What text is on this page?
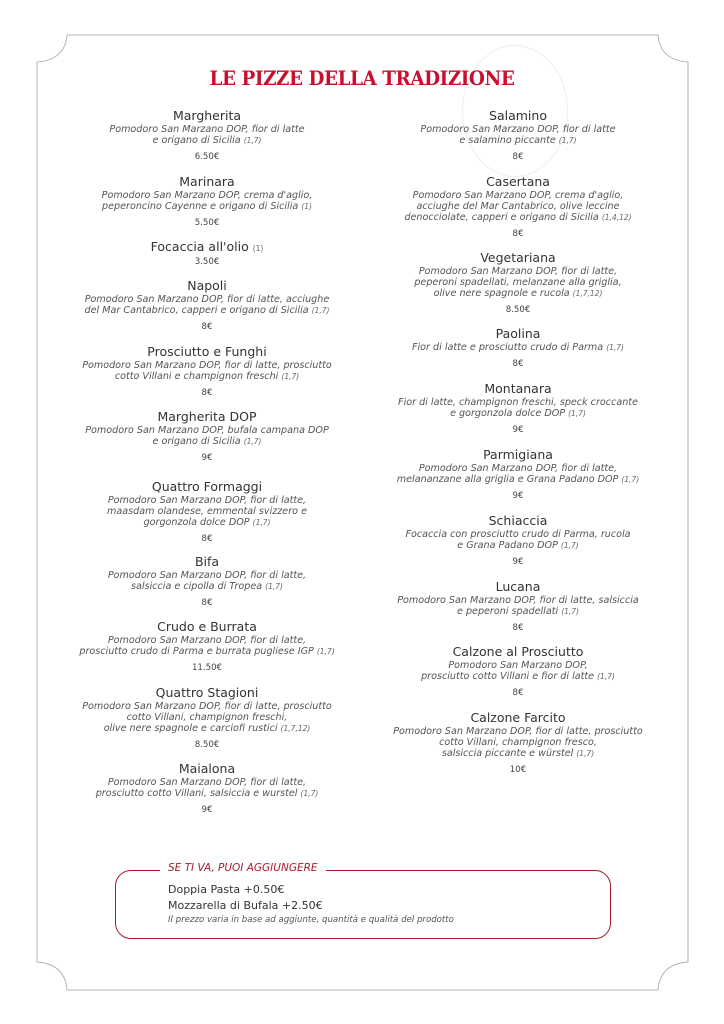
LE PIZZE DELLA TRADIZIONE
Margherita
Pomodoro San Marzano DOP, fior di latte
e origano di Sicilia (1,7)
6.50€
Marinara
Pomodoro San Marzano DOP, crema d'aglio,
peperoncino Cayenne e origano di Sicilia (1)
5.50€
Focaccia all'olio (1)
3.50€
Napoli
Pomodoro San Marzano DOP, fior di latte, acciughe
del Mar Cantabrico, capperi e origano di Sicilia (1,7)
8€
Prosciutto e Funghi
Pomodoro San Marzano DOP, fior di latte, prosciutto
cotto Villani e champignon freschi (1,7)
8€
Margherita DOP
Pomodoro San Marzano DOP, bufala campana DOP
e origano di Sicilia (1,7)
9€
Quattro Formaggi
Pomodoro San Marzano DOP, fior di latte,
maasdam olandese, emmental svizzero e
gorgonzola dolce DOP (1,7)
8€
Bifa
Pomodoro San Marzano DOP, fior di latte,
salsiccia e cipolla di Tropea (1,7)
8€
Crudo e Burrata
Pomodoro San Marzano DOP, fior di latte,
prosciutto crudo di Parma e burrata pugliese IGP (1,7)
11.50€
Quattro Stagioni
Pomodoro San Marzano DOP, fior di latte, prosciutto
cotto Villani, champignon freschi,
olive nere spagnole e carciofi rustici (1,7,12)
8.50€
Maialona
Pomodoro San Marzano DOP, fior di latte,
prosciutto cotto Villani, salsiccia e wurstel (1,7)
9€
Salamino
Pomodoro San Marzano DOP, fior di latte
e salamino piccante (1,7)
8€
Casertana
Pomodoro San Marzano DOP, crema d'aglio,
acciughe del Mar Cantabrico, olive leccine
denocciolate, capperi e origano di Sicilia (1,4,12)
8€
Vegetariana
Pomodoro San Marzano DOP, fior di latte,
peperoni spadellati, melanzane alla griglia,
olive nere spagnole e rucola (1,7,12)
8.50€
Paolina
Fior di latte e prosciutto crudo di Parma (1,7)
8€
Montanara
Fior di latte, champignon freschi, speck croccante
e gorgonzola dolce DOP (1,7)
9€
Parmigiana
Pomodoro San Marzano DOP, fior di latte,
melananzane alla griglia e Grana Padano DOP (1,7)
9€
Schiaccia
Focaccia con prosciutto crudo di Parma, rucola
e Grana Padano DOP (1,7)
9€
Lucana
Pomodoro San Marzano DOP, fior di latte, salsiccia
e peperoni spadellati (1,7)
8€
Calzone al Prosciutto
Pomodoro San Marzano DOP,
prosciutto cotto Villani e fior di latte (1,7)
8€
Calzone Farcito
Pomodoro San Marzano DOP, fior di latte, prosciutto
cotto Villani, champignon fresco,
salsiccia piccante e würstel (1,7)
10€
SE TI VA, PUOI AGGIUNGERE
Doppia Pasta +0.50€
Mozzarella di Bufala +2.50€
Il prezzo varia in base ad aggiunte, quantità e qualità del prodotto
